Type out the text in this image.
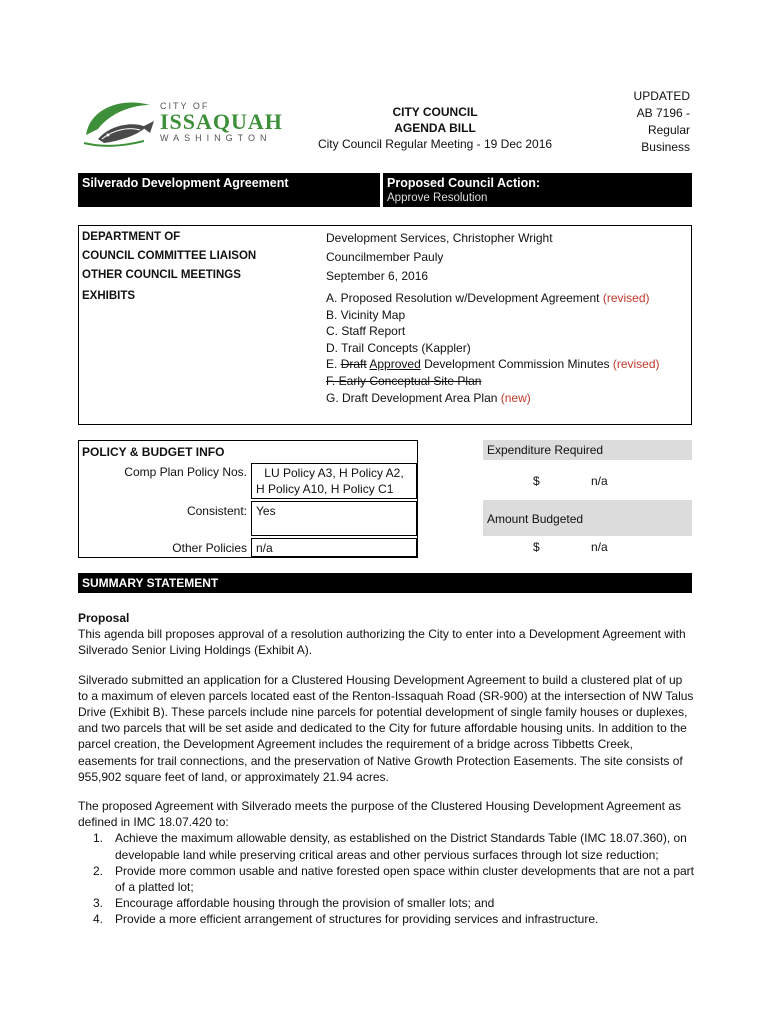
CITY OF
ISSAQUAH
WASHINGTON
CITY COUNCIL
AGENDA BILL
City Council Regular Meeting - 19 Dec 2016
UPDATED
AB 7196 -
Regular
Business
Silverado Development Agreement	Proposed Council Action:
Approve Resolution
DEPARTMENT OF	Development Services, Christopher Wright
COUNCIL COMMITTEE LIAISON	Councilmember Pauly
OTHER COUNCIL MEETINGS	September 6, 2016
EXHIBITS	A. Proposed Resolution w/Development Agreement (revised)
B. Vicinity Map
C. Staff Report
D. Trail Concepts (Kappler)
E. Draft Approved Development Commission Minutes (revised)
F. Early Conceptual Site Plan
G. Draft Development Area Plan (new)
POLICY & BUDGET INFO
Comp Plan Policy Nos.	LU Policy A3, H Policy A2,
H Policy A10, H Policy C1
Consistent: Yes
Other Policies n/a
Expenditure Required
$	n/a
Amount Budgeted
$	n/a
SUMMARY STATEMENT
Proposal

This agenda bill proposes approval of a resolution authorizing the City to enter into a Development Agreement with Silverado Senior Living Holdings (Exhibit A).

Silverado submitted an application for a Clustered Housing Development Agreement to build a clustered plat of up to a maximum of eleven parcels located east of the Renton-Issaquah Road (SR-900) at the intersection of NW Talus Drive (Exhibit B). These parcels include nine parcels for potential development of single family houses or duplexes, and two parcels that will be set aside and dedicated to the City for future affordable housing units. In addition to the parcel creation, the Development Agreement includes the requirement of a bridge across Tibbetts Creek, easements for trail connections, and the preservation of Native Growth Protection Easements. The site consists of 955,902 square feet of land, or approximately 21.94 acres.

The proposed Agreement with Silverado meets the purpose of the Clustered Housing Development Agreement as defined in IMC 18.07.420 to:

1. Achieve the maximum allowable density, as established on the District Standards Table (IMC 18.07.360), on developable land while preserving critical areas and other pervious surfaces through lot size reduction;
2. Provide more common usable and native forested open space within cluster developments that are not a part of a platted lot;
3. Encourage affordable housing through the provision of smaller lots; and
4. Provide a more efficient arrangement of structures for providing services and infrastructure.
